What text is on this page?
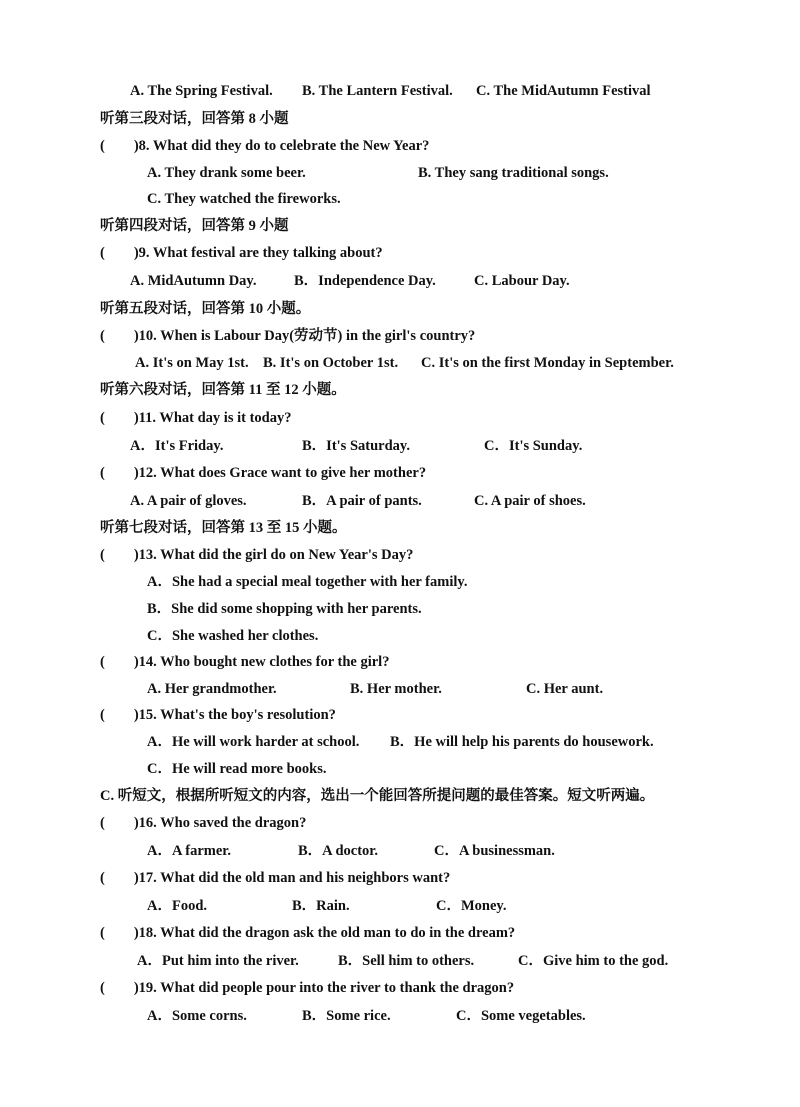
A. The Spring Festival. B. The Lantern Festival. C. The MidAutumn Festival
听第三段对话，回答第 8 小题
(　　)8. What did they do to celebrate the New Year?
A. They drank some beer.	B. They sang traditional songs.
C. They watched the fireworks.
听第四段对话，回答第 9 小题
(　　)9. What festival are they talking about?
A. MidAutumn Day.	B．Independence Day.	C. Labour Day.
听第五段对话，回答第 10 小题。
(　　)10. When is Labour Day(劳动节) in the girl's country?
A. It's on May 1st. B. It's on October 1st. C. It's on the first Monday in September.
听第六段对话，回答第 11 至 12 小题。
(　　)11. What day is it today?
A．It's Friday.	B．It's Saturday.	C．It's Sunday.
(　　)12. What does Grace want to give her mother?
A. A pair of gloves.	B．A pair of pants.	C. A pair of shoes.
听第七段对话，回答第 13 至 15 小题。
(　　)13. What did the girl do on New Year's Day?
A．She had a special meal together with her family.
B．She did some shopping with her parents.
C．She washed her clothes.
(　　)14. Who bought new clothes for the girl?
A. Her grandmother.	B. Her mother.	C. Her aunt.
(　　)15. What's the boy's resolution?
A．He will work harder at school. B．He will help his parents do housework.
C．He will read more books.
C. 听短文，根据所听短文的内容，选出一个能回答所提问题的最佳答案。短文听两遍。
(　　)16. Who saved the dragon?
A．A farmer.	B．A doctor.	C．A businessman.
(　　)17. What did the old man and his neighbors want?
A．Food.	B．Rain.	C．Money.
(　　)18. What did the dragon ask the old man to do in the dream?
A．Put him into the river.	B．Sell him to others.	C．Give him to the god.
(　　)19. What did people pour into the river to thank the dragon?
A．Some corns.	B．Some rice.	C．Some vegetables.
